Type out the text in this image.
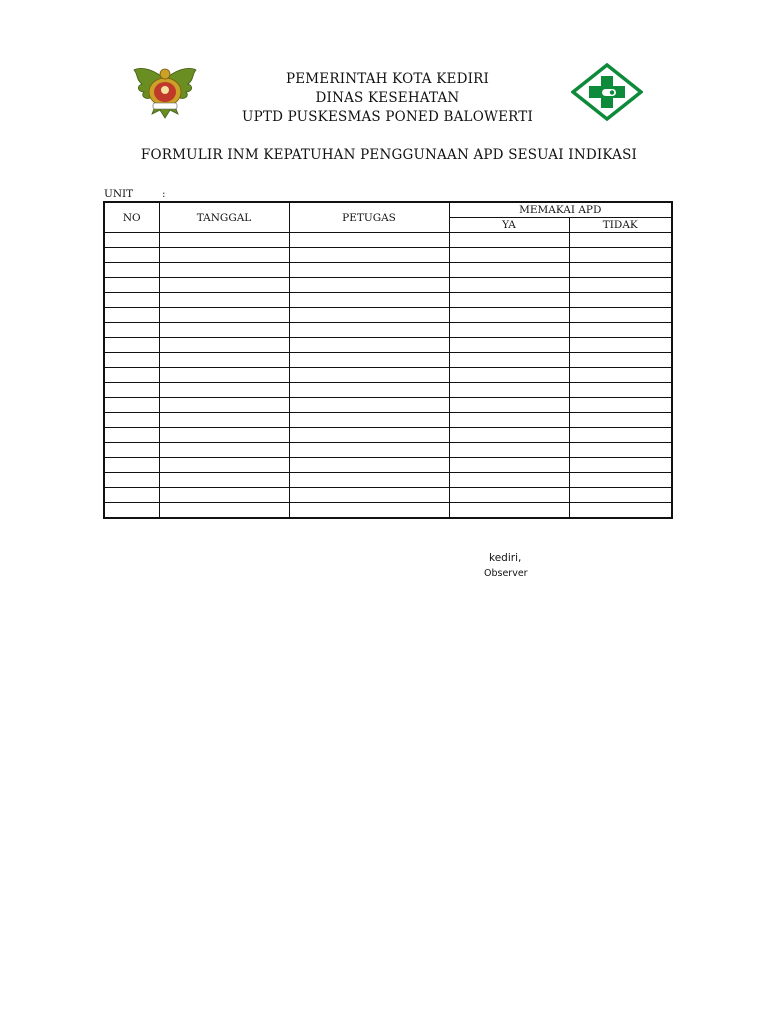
PEMERINTAH KOTA KEDIRI
DINAS KESEHATAN
UPTD PUSKESMAS PONED BALOWERTI
FORMULIR INM KEPATUHAN PENGGUNAAN APD SESUAI INDIKASI
UNIT	:
NO	TANGGAL	PETUGAS	MEMAKAI APD	
			YA	TIDAK

kediri,
Observer
